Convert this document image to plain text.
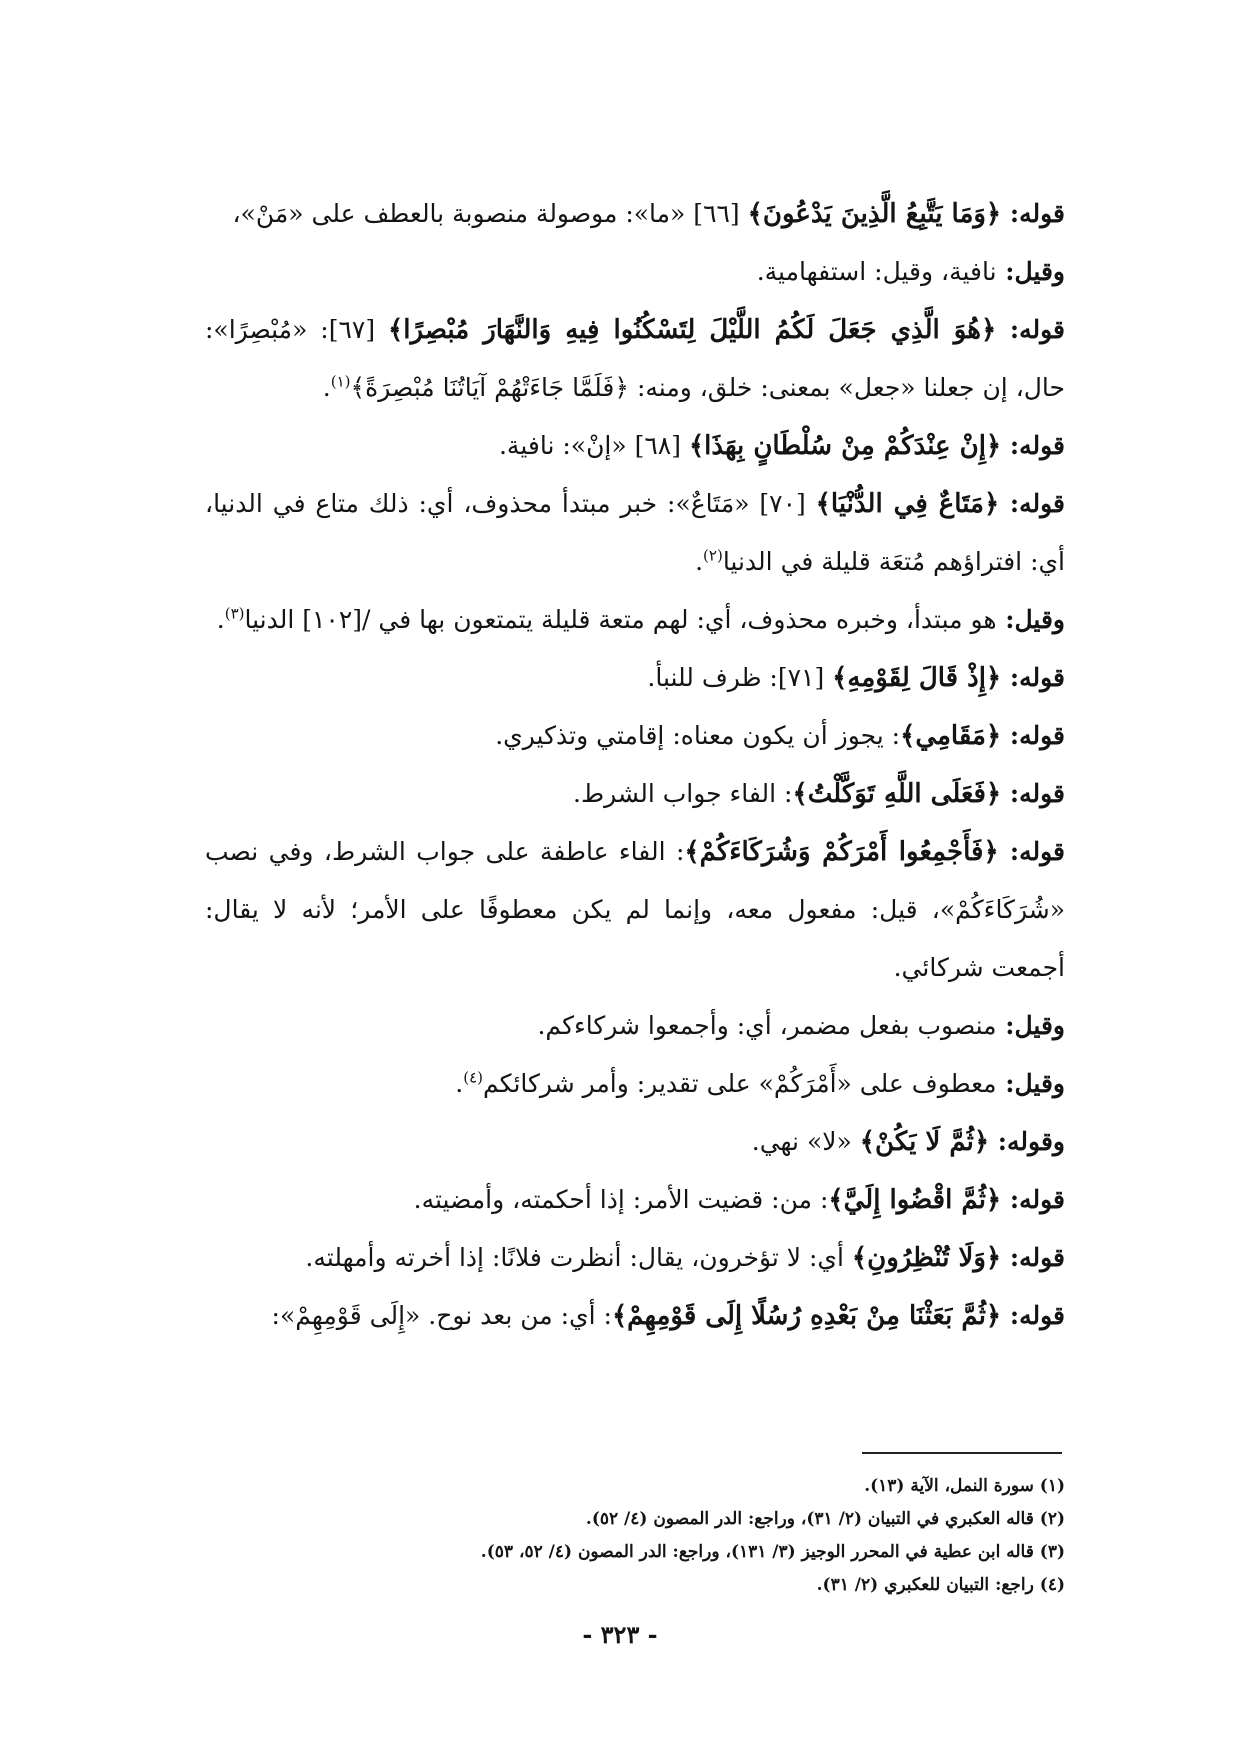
قوله: ﴿وَمَا يَتَّبِعُ الَّذِينَ يَدْعُونَ﴾ [٦٦] «ما»: موصولة منصوبة بالعطف على «مَنْ»،

وقيل: نافية، وقيل: استفهامية.

قوله: ﴿هُوَ الَّذِي جَعَلَ لَكُمُ اللَّيْلَ لِتَسْكُنُوا فِيهِ وَالنَّهَارَ مُبْصِرًا﴾ [٦٧]: «مُبْصِرًا»: حال، إن جعلنا «جعل» بمعنى: خلق، ومنه: ﴿فَلَمَّا جَاءَتْهُمْ آيَاتُنَا مُبْصِرَةً﴾$^{(١)}$.

قوله: ﴿إِنْ عِنْدَكُمْ مِنْ سُلْطَانٍ بِهَذَا﴾ [٦٨] «إنْ»: نافية.

قوله: ﴿مَتَاعٌ فِي الدُّنْيَا﴾ [٧٠] «مَتَاعٌ»: خبر مبتدأ محذوف، أي: ذلك متاع في الدنيا، أي: افتراؤهم مُتعَة قليلة في الدنيا$^{(٢)}$.

وقيل: هو مبتدأ، وخبره محذوف، أي: لهم متعة قليلة يتمتعون بها في /[١٠٢] الدنيا$^{(٣)}$.

قوله: ﴿إِذْ قَالَ لِقَوْمِهِ﴾ [٧١]: ظرف للنبأ.

قوله: ﴿مَقَامِي﴾: يجوز أن يكون معناه: إقامتي وتذكيري.

قوله: ﴿فَعَلَى اللَّهِ تَوَكَّلْتُ﴾: الفاء جواب الشرط.

قوله: ﴿فَأَجْمِعُوا أَمْرَكُمْ وَشُرَكَاءَكُمْ﴾: الفاء عاطفة على جواب الشرط، وفي نصب «شُرَكَاءَكُمْ»، قيل: مفعول معه، وإنما لم يكن معطوفًا على الأمر؛ لأنه لا يقال: أجمعت شركائي.

وقيل: منصوب بفعل مضمر، أي: وأجمعوا شركاءكم.

وقيل: معطوف على «أَمْرَكُمْ» على تقدير: وأمر شركائكم$^{(٤)}$.

وقوله: ﴿ثُمَّ لَا يَكُنْ﴾ «لا» نهي.

قوله: ﴿ثُمَّ اقْضُوا إِلَيَّ﴾: من: قضيت الأمر: إذا أحكمته، وأمضيته.

قوله: ﴿وَلَا تُنْظِرُونِ﴾ أي: لا تؤخرون، يقال: أنظرت فلانًا: إذا أخرته وأمهلته.

قوله: ﴿ثُمَّ بَعَثْنَا مِنْ بَعْدِهِ رُسُلًا إِلَى قَوْمِهِمْ﴾: أي: من بعد نوح. «إِلَى قَوْمِهِمْ»:

(١) سورة النمل، الآية (١٣).

(٢) قاله العكبري في التبيان (٢/ ٣١)، وراجع: الدر المصون (٤/ ٥٢).

(٣) قاله ابن عطية في المحرر الوجيز (٣/ ١٣١)، وراجع: الدر المصون (٤/ ٥٢، ٥٣).

(٤) راجع: التبيان للعكبري (٢/ ٣١).

- ٣٢٣ -
